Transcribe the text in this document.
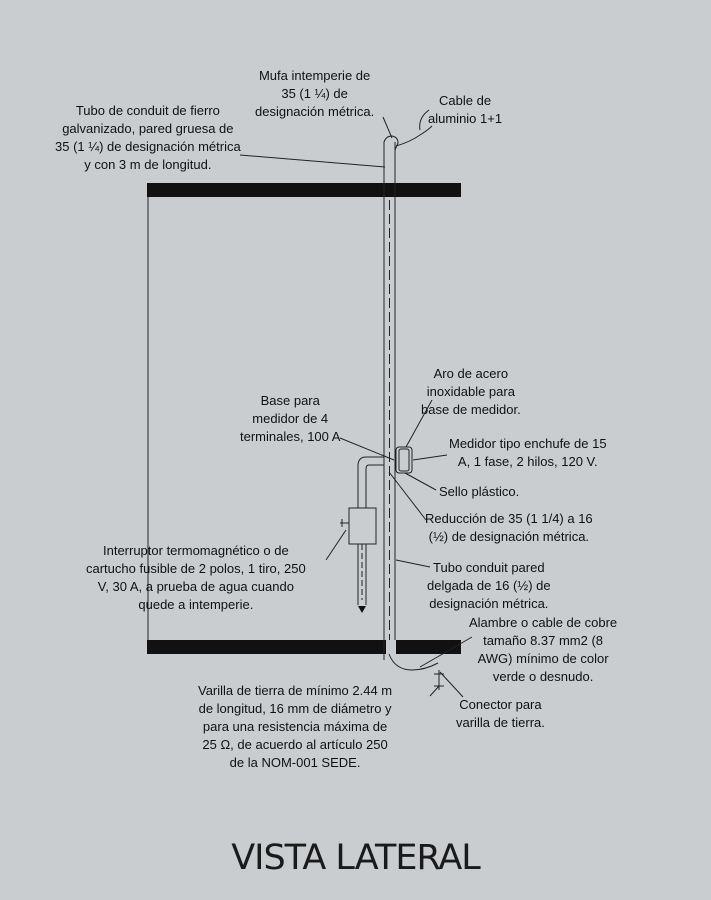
Mufa intemperie de
35 (1 ¼) de
designación métrica.
Cable de
aluminio 1+1
Tubo de conduit de fierro
galvanizado, pared gruesa de
35 (1 ¼) de designación métrica
y con 3 m de longitud.
Aro de acero
inoxidable para
base de medidor.
Base para
medidor de 4
terminales, 100 A	Medidor tipo enchufe de 15
A, 1 fase, 2 hilos, 120 V.
Sello plástico.
Reducción de 35 (1 1/4) a 16
(½) de designación métrica.
Interruptor termomagnético o de
cartucho fusible de 2 polos, 1 tiro, 250
V, 30 A, a prueba de agua cuando
quede a intemperie.
Tubo conduit pared
delgada de 16 (½) de
designación métrica.
Alambre o cable de cobre
tamaño 8.37 mm2 (8
AWG) mínimo de color
verde o desnudo.
Varilla de tierra de mínimo 2.44 m
de longitud, 16 mm de diámetro y
para una resistencia máxima de
25 Ω, de acuerdo al artículo 250
de la NOM-001 SEDE.
Conector para
varilla de tierra.
VISTA LATERAL
